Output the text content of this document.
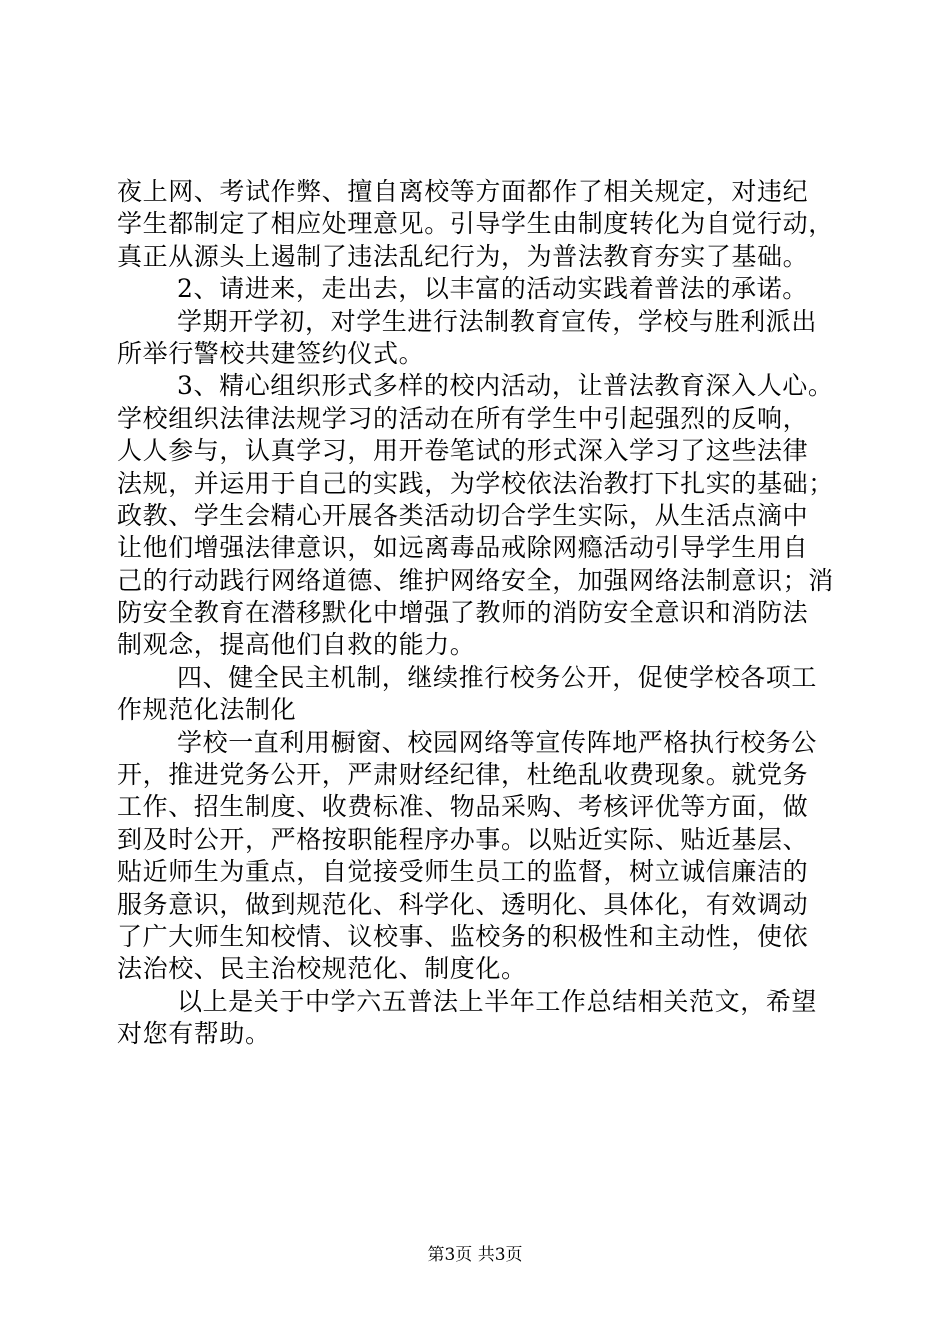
夜上网、考试作弊、擅自离校等方面都作了相关规定，对违纪
学生都制定了相应处理意见。引导学生由制度转化为自觉行动，
真正从源头上遏制了违法乱纪行为，为普法教育夯实了基础。
2、请进来，走出去，以丰富的活动实践着普法的承诺。
学期开学初，对学生进行法制教育宣传，学校与胜利派出
所举行警校共建签约仪式。
3、精心组织形式多样的校内活动，让普法教育深入人心。
学校组织法律法规学习的活动在所有学生中引起强烈的反响，
人人参与，认真学习，用开卷笔试的形式深入学习了这些法律
法规，并运用于自己的实践，为学校依法治教打下扎实的基础；
政教、学生会精心开展各类活动切合学生实际，从生活点滴中
让他们增强法律意识，如远离毒品戒除网瘾活动引导学生用自
己的行动践行网络道德、维护网络安全，加强网络法制意识；消
防安全教育在潜移默化中增强了教师的消防安全意识和消防法
制观念，提高他们自救的能力。
四、健全民主机制，继续推行校务公开，促使学校各项工
作规范化法制化
学校一直利用橱窗、校园网络等宣传阵地严格执行校务公
开，推进党务公开，严肃财经纪律，杜绝乱收费现象。就党务
工作、招生制度、收费标准、物品采购、考核评优等方面，做
到及时公开，严格按职能程序办事。以贴近实际、贴近基层、
贴近师生为重点，自觉接受师生员工的监督，树立诚信廉洁的
服务意识，做到规范化、科学化、透明化、具体化，有效调动
了广大师生知校情、议校事、监校务的积极性和主动性，使依
法治校、民主治校规范化、制度化。
以上是关于中学六五普法上半年工作总结相关范文，希望
对您有帮助。
第3页 共3页
